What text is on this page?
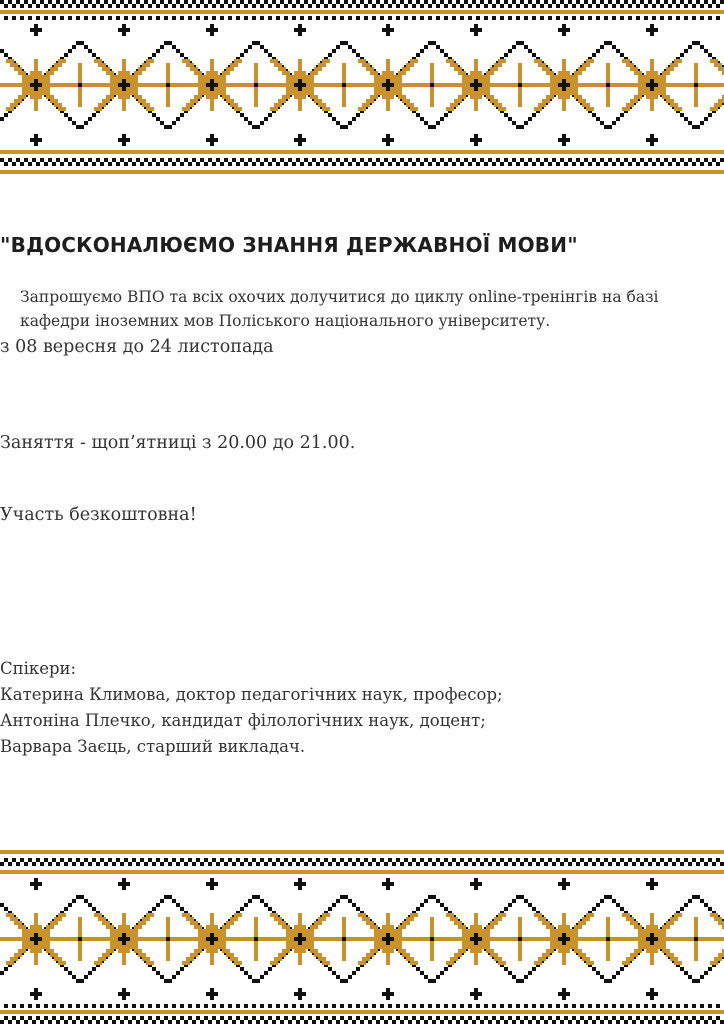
"ВДОСКОНАЛЮЄМО ЗНАННЯ ДЕРЖАВНОЇ МОВИ"
Запрошуємо ВПО та всіх охочих долучитися до циклу online-тренінгів на базі
кафедри іноземних мов Поліського національного університету.
з 08 вересня до 24 листопада
Заняття - щоп’ятниці з 20.00 до 21.00.
Участь безкоштовна!
Спікери:
Катерина Климова, доктор педагогічних наук, професор;
Антоніна Плечко, кандидат філологічних наук, доцент;
Варвара Заєць, старший викладач.
